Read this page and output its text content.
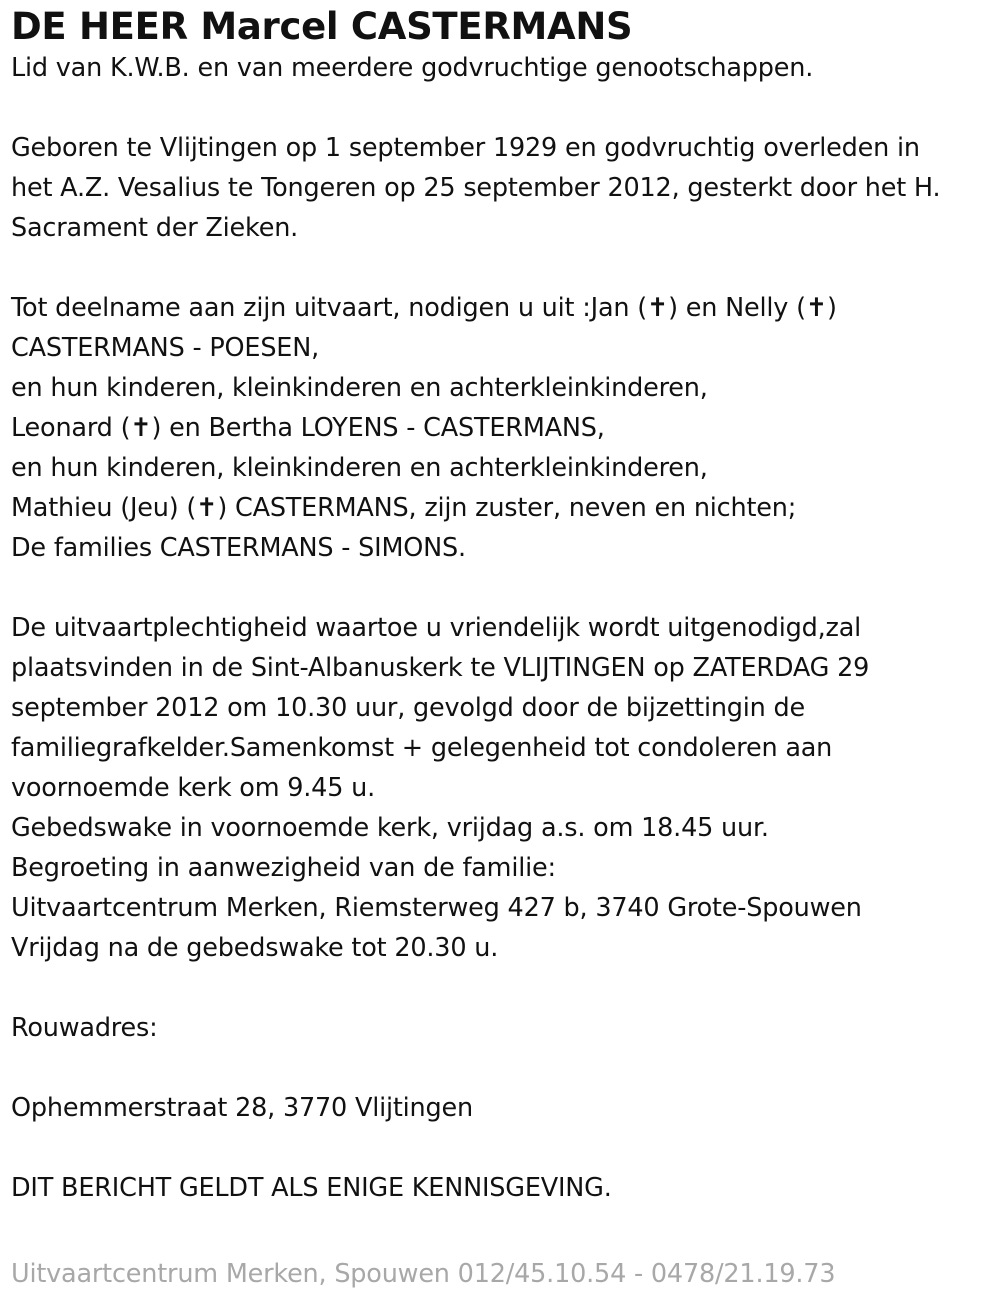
DE HEER Marcel CASTERMANS
Lid van K.W.B. en van meerdere godvruchtige genootschappen.
Geboren te Vlijtingen op 1 september 1929 en godvruchtig overleden in
het A.Z. Vesalius te Tongeren op 25 september 2012, gesterkt door het H.
Sacrament der Zieken.
Tot deelname aan zijn uitvaart, nodigen u uit :Jan (✝) en Nelly (✝)
CASTERMANS - POESEN,
en hun kinderen, kleinkinderen en achterkleinkinderen,
Leonard (✝) en Bertha LOYENS - CASTERMANS,
en hun kinderen, kleinkinderen en achterkleinkinderen,
Mathieu (Jeu) (✝) CASTERMANS, zijn zuster, neven en nichten;
De families CASTERMANS - SIMONS.
De uitvaartplechtigheid waartoe u vriendelijk wordt uitgenodigd,zal
plaatsvinden in de Sint-Albanuskerk te VLIJTINGEN op ZATERDAG 29
september 2012 om 10.30 uur, gevolgd door de bijzettingin de
familiegrafkelder.Samenkomst + gelegenheid tot condoleren aan
voornoemde kerk om 9.45 u.
Gebedswake in voornoemde kerk, vrijdag a.s. om 18.45 uur.
Begroeting in aanwezigheid van de familie:
Uitvaartcentrum Merken, Riemsterweg 427 b, 3740 Grote-Spouwen
Vrijdag na de gebedswake tot 20.30 u.
Rouwadres:
Ophemmerstraat 28, 3770 Vlijtingen
DIT BERICHT GELDT ALS ENIGE KENNISGEVING.
Uitvaartcentrum Merken, Spouwen 012/45.10.54 - 0478/21.19.73
